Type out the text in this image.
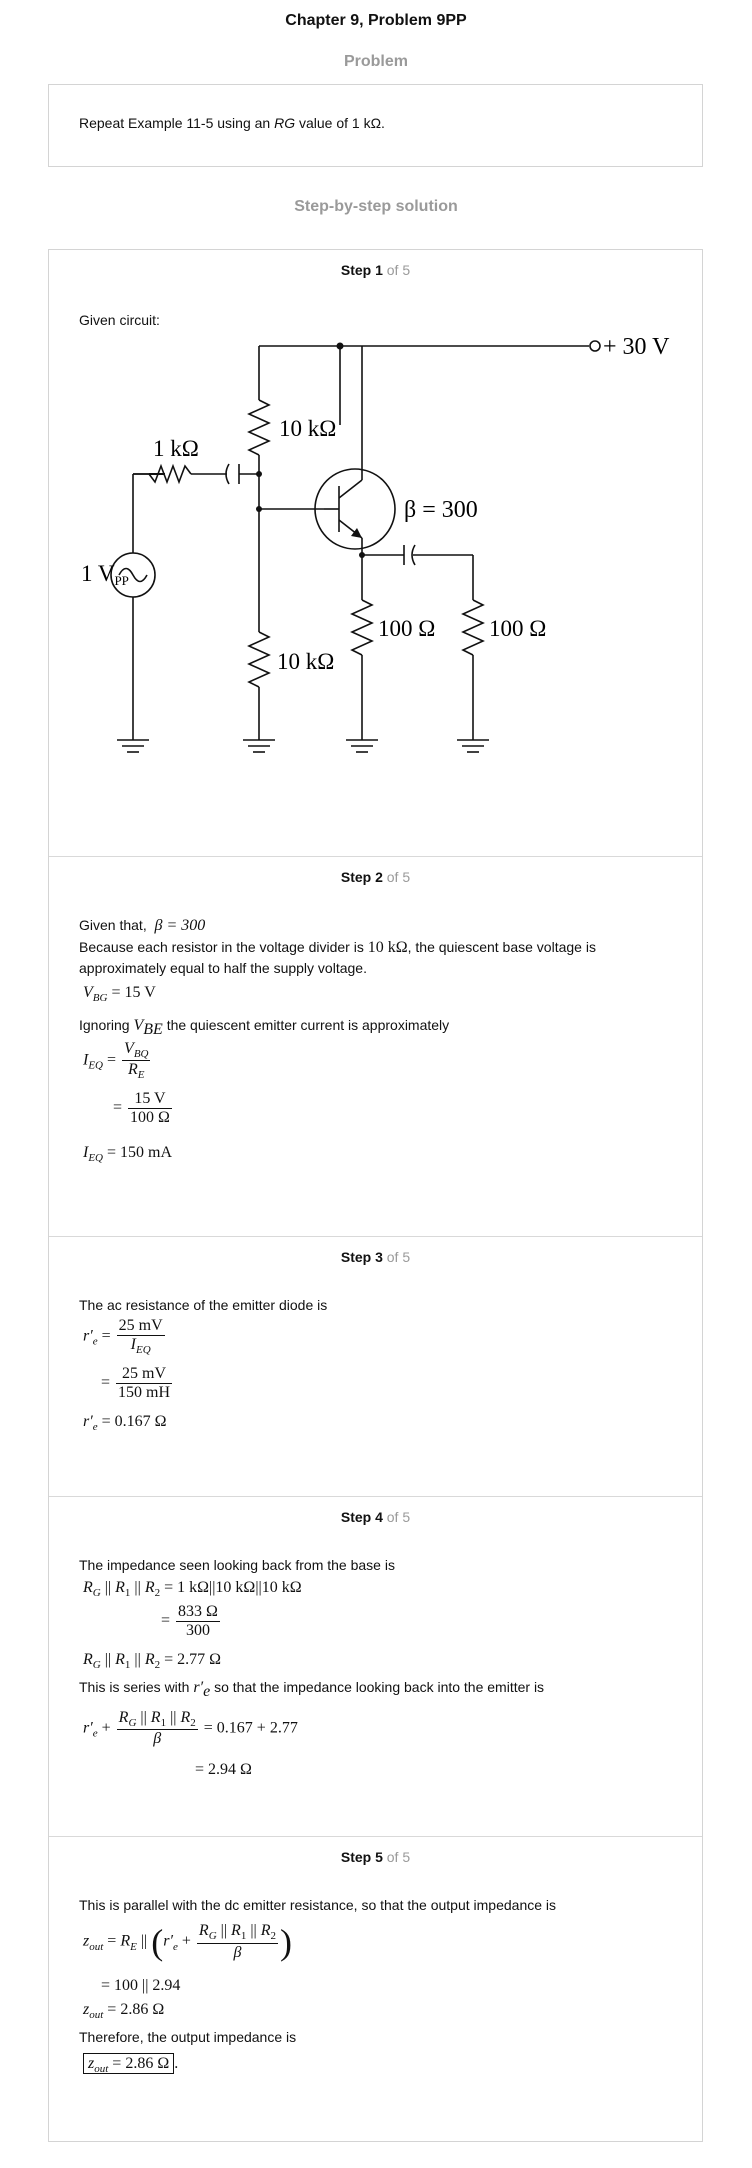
Chapter 9, Problem 9PP
Problem
Repeat Example 11-5 using an RG value of 1 kΩ.
Step-by-step solution
Step 1 of 5
Given circuit:
+ 30 V
10 kΩ
1 kΩ
β = 300
1 VPP
10 kΩ
100 Ω 100 Ω
Step 2 of 5
Given that, β = 300
Because each resistor in the voltage divider is 10 kΩ, the quiescent base voltage is
approximately equal to half the supply voltage.
$V_{BG} = 15$ V
Ignoring $V_{BE}$ the quiescent emitter current is approximately
$I_{EQ} = \frac{V_{BQ}}{R_E}$
= $\frac{15 V}{100 \Omega}$
$I_{EQ} = 150$ mA
Step 3 of 5
The ac resistance of the emitter diode is
$r'_e = \frac{25 mV}{I_{EQ}}$
= $\frac{25 mV}{150 mH}$
$r'_e = 0.167$ Ω
Step 4 of 5
The impedance seen looking back from the base is
$R_G$ || $R_1$ || $R_2 = 1$ kΩ||10 kΩ||10 kΩ
= $\frac{833 \Omega}{300}$
$R_G$ || $R_1$ || $R_2 = 2.77$ Ω
This is series with $r'_e$ so that the impedance looking back into the emitter is
$r'_e + \frac{R_G || R_1 || R_2}{\beta} = 0.167 + 2.77$
= 2.94 Ω
Step 5 of 5
This is parallel with the dc emitter resistance, so that the output impedance is
$z_{out} = R_E$ || ($r'_e + \frac{R_G || R_1 || R_2}{\beta}$ )
= 100 || 2.94
$z_{out} = 2.86$ Ω
Therefore, the output impedance is
$z_{out} = 2.86$ Ω .
